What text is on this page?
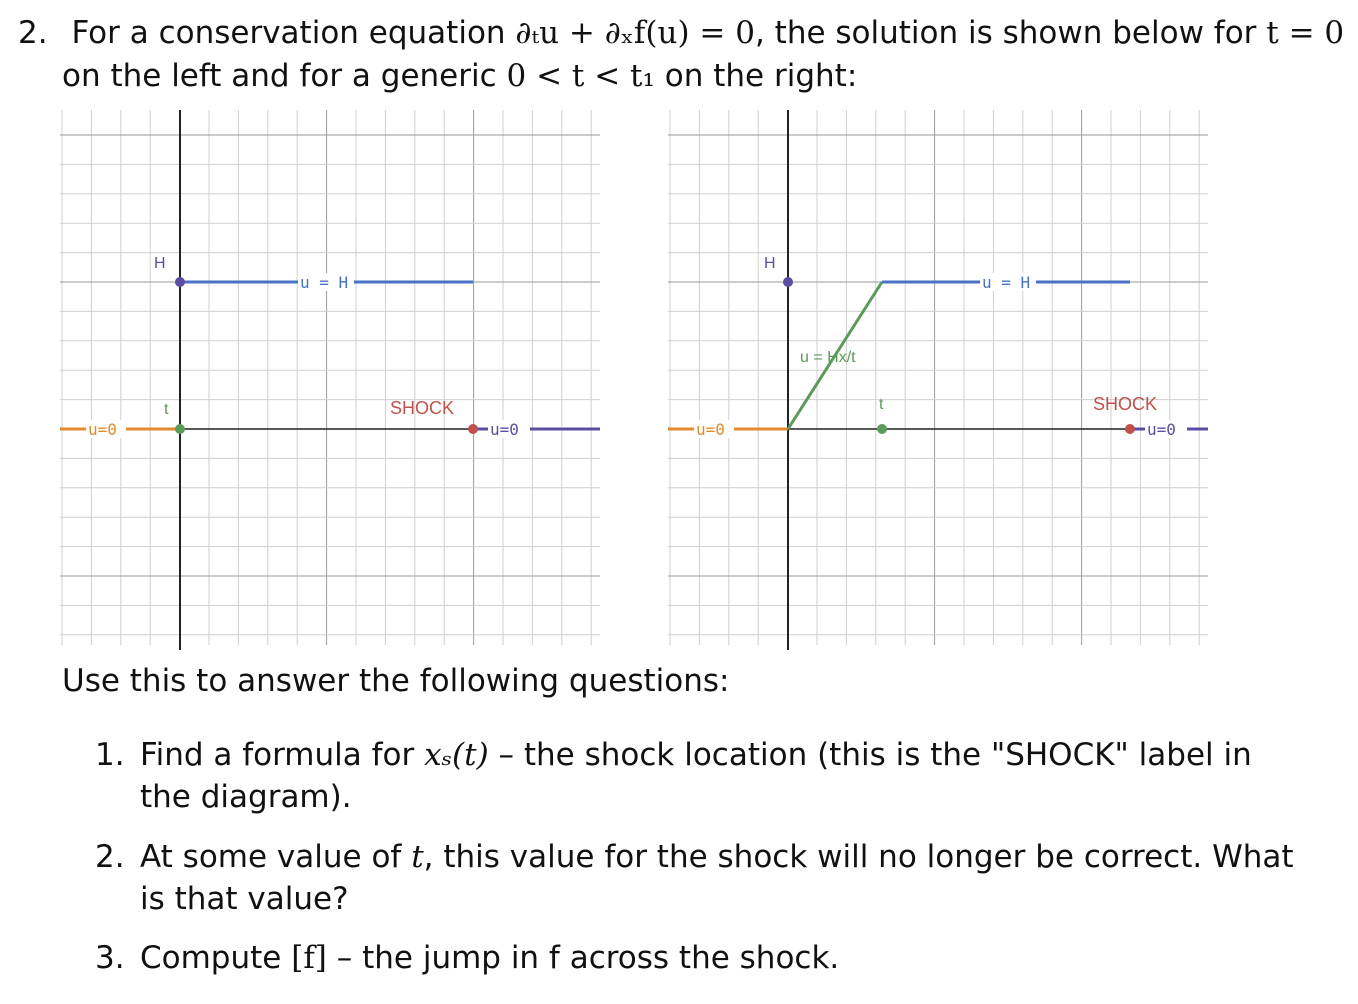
2. For a conservation equation ∂ₜu + ∂ₓf(u) = 0, the solution is shown below for t = 0
on the left and for a generic 0 < t < t₁ on the right:
u=0
u = H
H
t	SHOCK
u=0	u=0
u = Hx/t
u = H
H
t	SHOCK
u=0
Use this to answer the following questions:
1. Find a formula for xₛ(t) – the shock location (this is the "SHOCK" label in the diagram).
2. At some value of t, this value for the shock will no longer be correct. What is that value?
3. Compute [f] – the jump in f across the shock.
